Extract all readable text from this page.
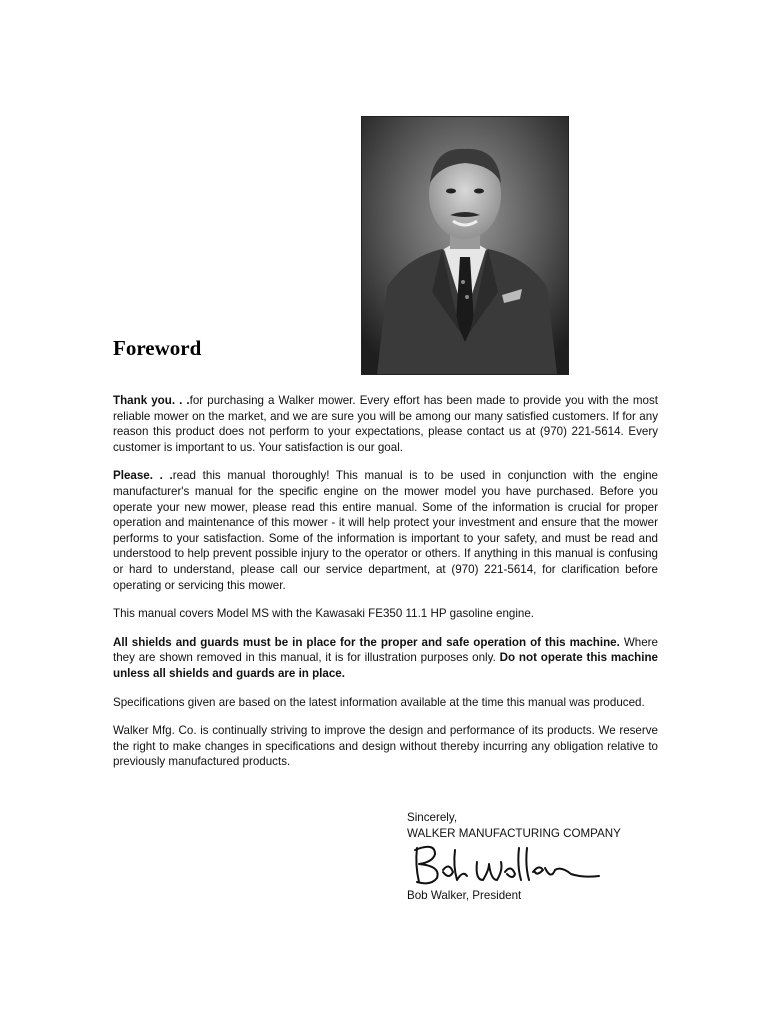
Foreword

Thank you. . .for purchasing a Walker mower. Every effort has been made to provide you with the most reliable mower on the market, and we are sure you will be among our many satisfied customers. If for any reason this product does not perform to your expectations, please contact us at (970) 221-5614. Every customer is important to us. Your satisfaction is our goal.

Please. . .read this manual thoroughly! This manual is to be used in conjunction with the engine manufacturer's manual for the specific engine on the mower model you have purchased. Before you operate your new mower, please read this entire manual. Some of the information is crucial for proper operation and maintenance of this mower - it will help protect your investment and ensure that the mower performs to your satisfaction. Some of the information is important to your safety, and must be read and understood to help prevent possible injury to the operator or others. If anything in this manual is confusing or hard to understand, please call our service department, at (970) 221-5614, for clarification before operating or servicing this mower.

This manual covers Model MS with the Kawasaki FE350 11.1 HP gasoline engine.

All shields and guards must be in place for the proper and safe operation of this machine. Where they are shown removed in this manual, it is for illustration purposes only. Do not operate this machine unless all shields and guards are in place.

Specifications given are based on the latest information available at the time this manual was produced.

Walker Mfg. Co. is continually striving to improve the design and performance of its products. We reserve the right to make changes in specifications and design without thereby incurring any obligation relative to previously manufactured products.

Sincerely,
WALKER MANUFACTURING COMPANY
Bob Walker, President
